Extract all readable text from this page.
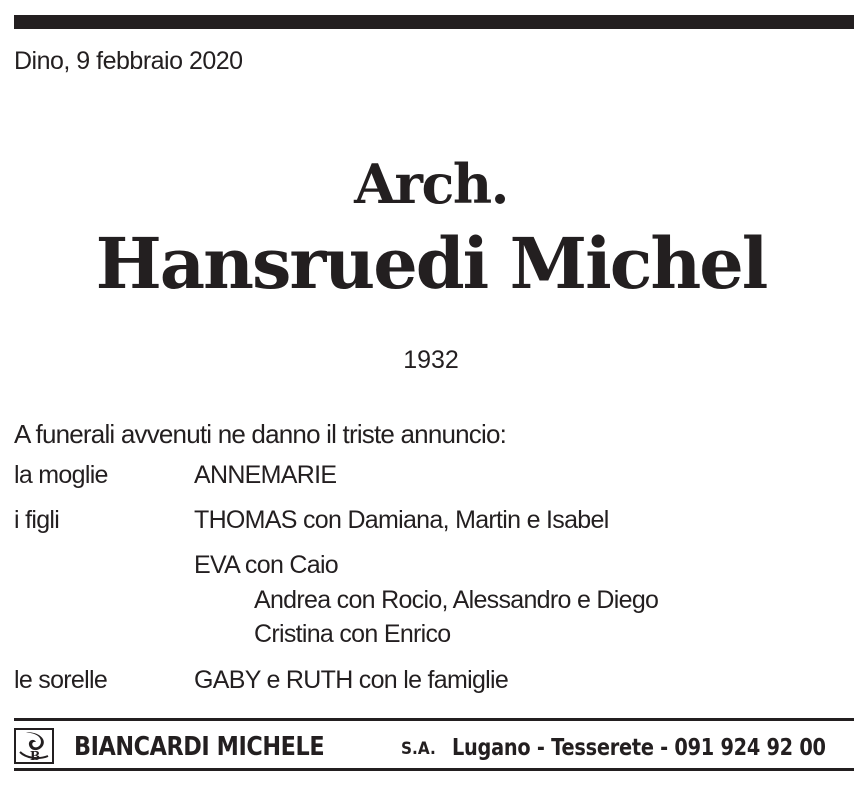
Dino, 9 febbraio 2020
Arch.
Hansruedi Michel
1932
A funerali avvenuti ne danno il triste annuncio:
la moglie	ANNEMARIE
i figli	THOMAS con Damiana, Martin e Isabel
EVA con Caio
Andrea con Rocio, Alessandro e Diego
Cristina con Enrico
le sorelle	GABY e RUTH con le famiglie
B BIANCARDI MICHELE	S.A. Lugano - Tesserete - 091 924 92 00
